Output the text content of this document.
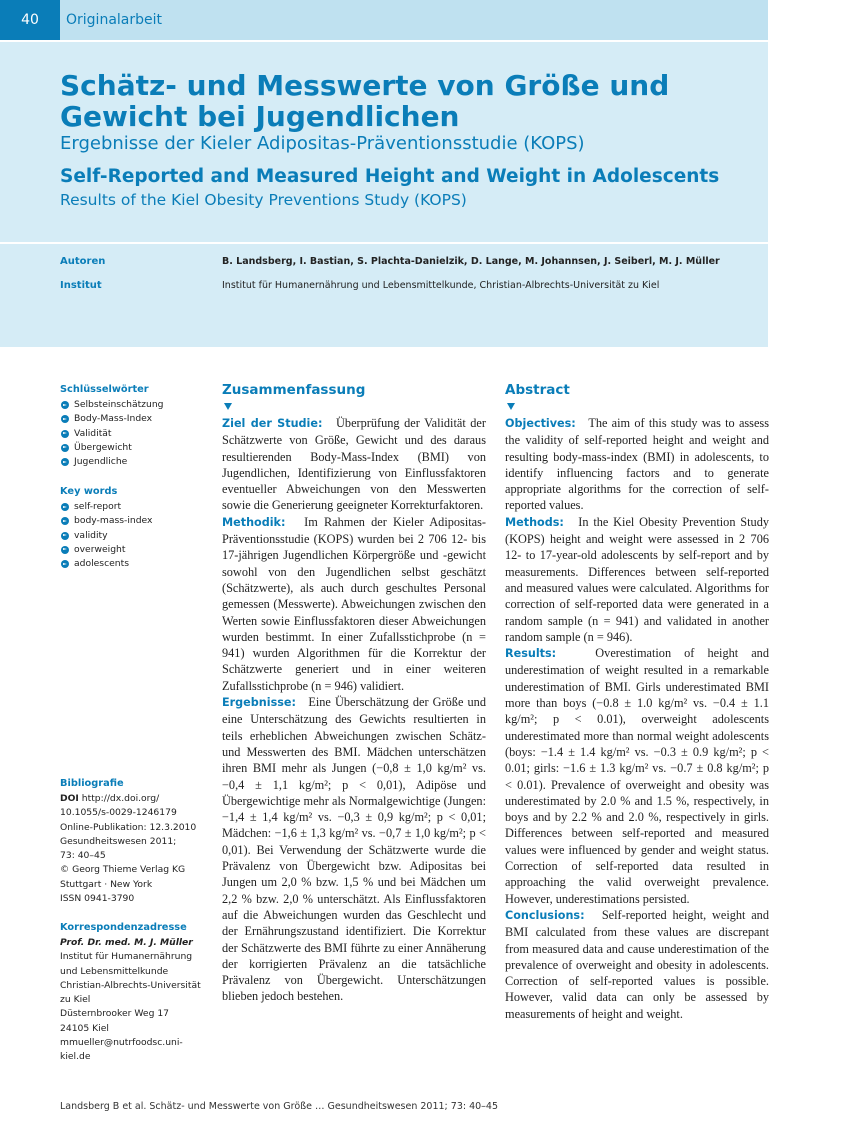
40	Originalarbeit
Schätz- und Messwerte von Größe und Gewicht bei Jugendlichen
Ergebnisse der Kieler Adipositas-Präventionsstudie (KOPS)
Self-Reported and Measured Height and Weight in Adolescents
Results of the Kiel Obesity Preventions Study (KOPS)
Autoren	B. Landsberg, I. Bastian, S. Plachta-Danielzik, D. Lange, M. Johannsen, J. Seiberl, M. J. Müller
Institut	Institut für Humanernährung und Lebensmittelkunde, Christian-Albrechts-Universität zu Kiel
Schlüsselwörter
Selbsteinschätzung
Body-Mass-Index
Validität
Übergewicht
Jugendliche
Key words
self-report
body-mass-index
validity
overweight
adolescents
Bibliografie

DOI http://dx.doi.org/

10.1055/s-0029-1246179

Online-Publikation: 12.3.2010

Gesundheitswesen 2011;

73: 40–45

© Georg Thieme Verlag KG

Stuttgart · New York

ISSN 0941-3790

Korrespondenzadresse

Prof. Dr. med. M. J. Müller

Institut für Humanernährung

und Lebensmittelkunde

Christian-Albrechts-Universität

zu Kiel

Düsternbrooker Weg 17

24105 Kiel

mmueller@nutrfoodsc.uni-kiel.de

Zusammenfassung

Ziel der Studie: Überprüfung der Validität der Schätzwerte von Größe, Gewicht und des daraus resultierenden Body-Mass-Index (BMI) von Jugendlichen, Identifizierung von Einflussfaktoren eventueller Abweichungen von den Messwerten sowie die Generierung geeigneter Korrekturfaktoren.

Methodik: Im Rahmen der Kieler Adipositas-Präventionsstudie (KOPS) wurden bei 2 706 12- bis 17-jährigen Jugendlichen Körpergröße und -gewicht sowohl von den Jugendlichen selbst geschätzt (Schätzwerte), als auch durch geschultes Personal gemessen (Messwerte). Abweichungen zwischen den Werten sowie Einflussfaktoren dieser Abweichungen wurden bestimmt. In einer Zufallsstichprobe (n = 941) wurden Algorithmen für die Korrektur der Schätzwerte generiert und in einer weiteren Zufallsstichprobe (n = 946) validiert.

Ergebnisse: Eine Überschätzung der Größe und eine Unterschätzung des Gewichts resultierten in teils erheblichen Abweichungen zwischen Schätz- und Messwerten des BMI. Mädchen unterschätzen ihren BMI mehr als Jungen (−0,8 ± 1,0 kg/m² vs. −0,4 ± 1,1 kg/m²; p < 0,01), Adipöse und Übergewichtige mehr als Normalgewichtige (Jungen: −1,4 ± 1,4 kg/m² vs. −0,3 ± 0,9 kg/m²; p < 0,01; Mädchen: −1,6 ± 1,3 kg/m² vs. −0,7 ± 1,0 kg/m²; p < 0,01). Bei Verwendung der Schätzwerte wurde die Prävalenz von Übergewicht bzw. Adipositas bei Jungen um 2,0 % bzw. 1,5 % und bei Mädchen um 2,2 % bzw. 2,0 % unterschätzt. Als Einflussfaktoren auf die Abweichungen wurden das Geschlecht und der Ernährungszustand identifiziert. Die Korrektur der Schätzwerte des BMI führte zu einer Annäherung der korrigierten Prävalenz an die tatsächliche Prävalenz von Übergewicht. Unterschätzungen blieben jedoch bestehen.

Abstract

Objectives: The aim of this study was to assess the validity of self-reported height and weight and resulting body-mass-index (BMI) in adolescents, to identify influencing factors and to generate appropriate algorithms for the correction of self-reported values.

Methods: In the Kiel Obesity Prevention Study (KOPS) height and weight were assessed in 2 706 12- to 17-year-old adolescents by self-report and by measurements. Differences between self-reported and measured values were calculated. Algorithms for correction of self-reported data were generated in a random sample (n = 941) and validated in another random sample (n = 946).

Results:	Overestimation of height and underestimation of weight resulted in a remarkable underestimation of BMI. Girls underestimated BMI more than boys (−0.8 ± 1.0 kg/m² vs. −0.4 ± 1.1 kg/m²; p < 0.01), overweight adolescents underestimated more than normal weight adolescents (boys: −1.4 ± 1.4 kg/m² vs. −0.3 ± 0.9 kg/m²; p < 0.01; girls: −1.6 ± 1.3 kg/m² vs. −0.7 ± 0.8 kg/m²; p < 0.01). Prevalence of overweight and obesity was underestimated by 2.0 % and 1.5 %, respectively, in boys and by 2.2 % and 2.0 %, respectively in girls. Differences between self-reported and measured values were influenced by gender and weight status. Correction of self-reported data resulted in approaching the valid overweight prevalence. However, underestimations persisted.

Conclusions: Self-reported height, weight and BMI calculated from these values are discrepant from measured data and cause underestimation of the prevalence of overweight and obesity in adolescents. Correction of self-reported values is possible. However, valid data can only be assessed by measurements of height and weight.

Landsberg B et al. Schätz- und Messwerte von Größe … Gesundheitswesen 2011; 73: 40–45
